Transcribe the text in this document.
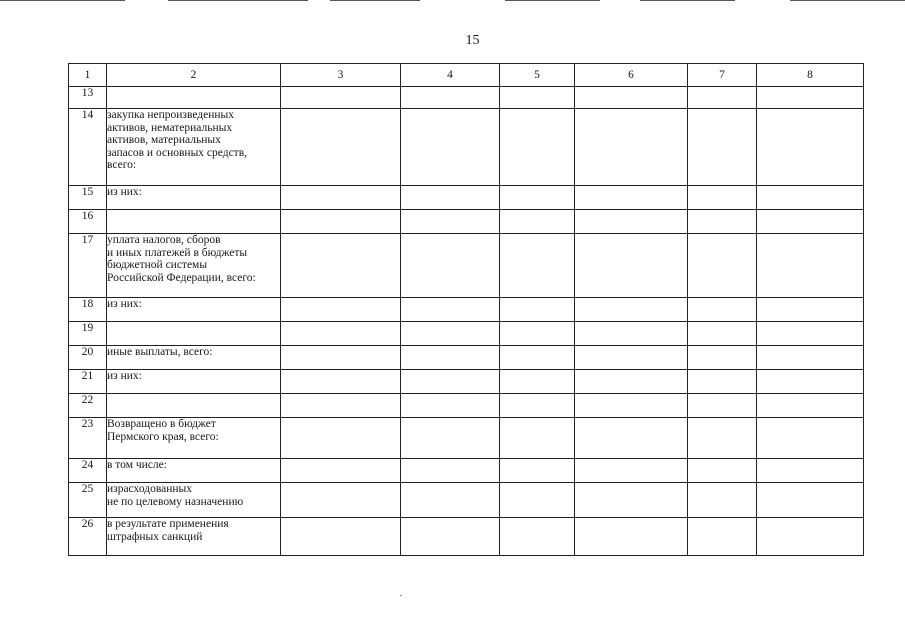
15
1	2	3	4	5	6	7	8
13							
14	закупка непроизведенных
активов, нематериальных
активов, материальных
запасов и основных средств,
всего:						
15	из них:						
16							
17	уплата налогов, сборов
и иных платежей в бюджеты
бюджетной системы
Российской Федерации, всего:						
18	из них:						
19							
20	иные выплаты, всего:						
21	из них:						
22							
23	Возвращено в бюджет
Пермского края, всего:						
24	в том числе:						
25	израсходованных
не по целевому назначению						
26	в результате применения
штрафных санкций						
